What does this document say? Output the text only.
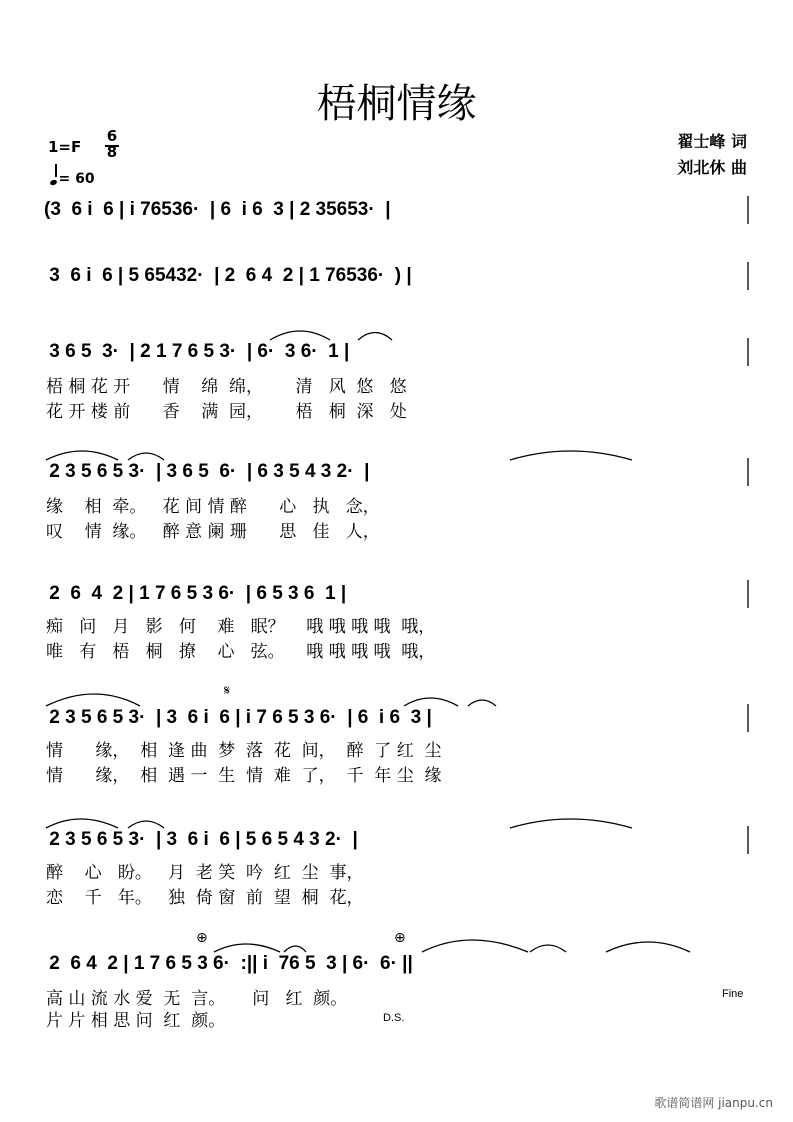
梧桐情缘
1=F
6
8
= 60
翟士峰 词
刘北休 曲
(3  6 i  6 | i 76536·  | 6  i 6  3 | 2 35653·  |
3  6 i  6 | 5 65432·  | 2  6 4  2 | 1 76536·  ) |
3 6 5  3·  | 2 1 7 6 5 3·  | 6·  3 6·  1 |
梧 桐 花 开      情    绵  绵，      清   风  悠   悠
花 开 楼 前      香    满  园，      梧   桐  深   处
2 3 5 6 5 3·  | 3 6 5  6·  | 6 3 5 4 3 2·  |
缘    相  牵。   花 间 情 醉      心   执   念，
叹    情  缘。   醉 意 阑 珊      思   佳   人，
2  6  4  2 | 1 7 6 5 3 6·  | 6 5 3 6  1 |
痴   问   月   影   何    难   眠？    哦 哦 哦 哦  哦，
唯   有   梧   桐   撩    心   弦。    哦 哦 哦 哦  哦，
2 3 5 6 5 3·  | 3  6 i  6 | i 7 6 5 3 6·  | 6  i 6  3 |
情      缘，  相  逢 曲  梦  落  花  间，  醉  了 红  尘
情      缘，  相  遇 一  生  情  难  了，  千  年 尘  缘
2 3 5 6 5 3·  | 3  6 i  6 | 5 6 5 4 3 2·  |
醉    心   盼。   月  老 笑  吟  红  尘  事，
恋    千   年。   独  倚 窗  前  望  桐  花，
2  6 4  2 | 1 7 6 5 3 6·  :|| i  76 5  3 | 6·  6· ||
高 山 流 水 爱  无  言。     问   红  颜。
片 片 相 思 问  红  颜。
Fine
D.S.
歌谱简谱网 jianpu.cn
𝄋
⊕	⊕
